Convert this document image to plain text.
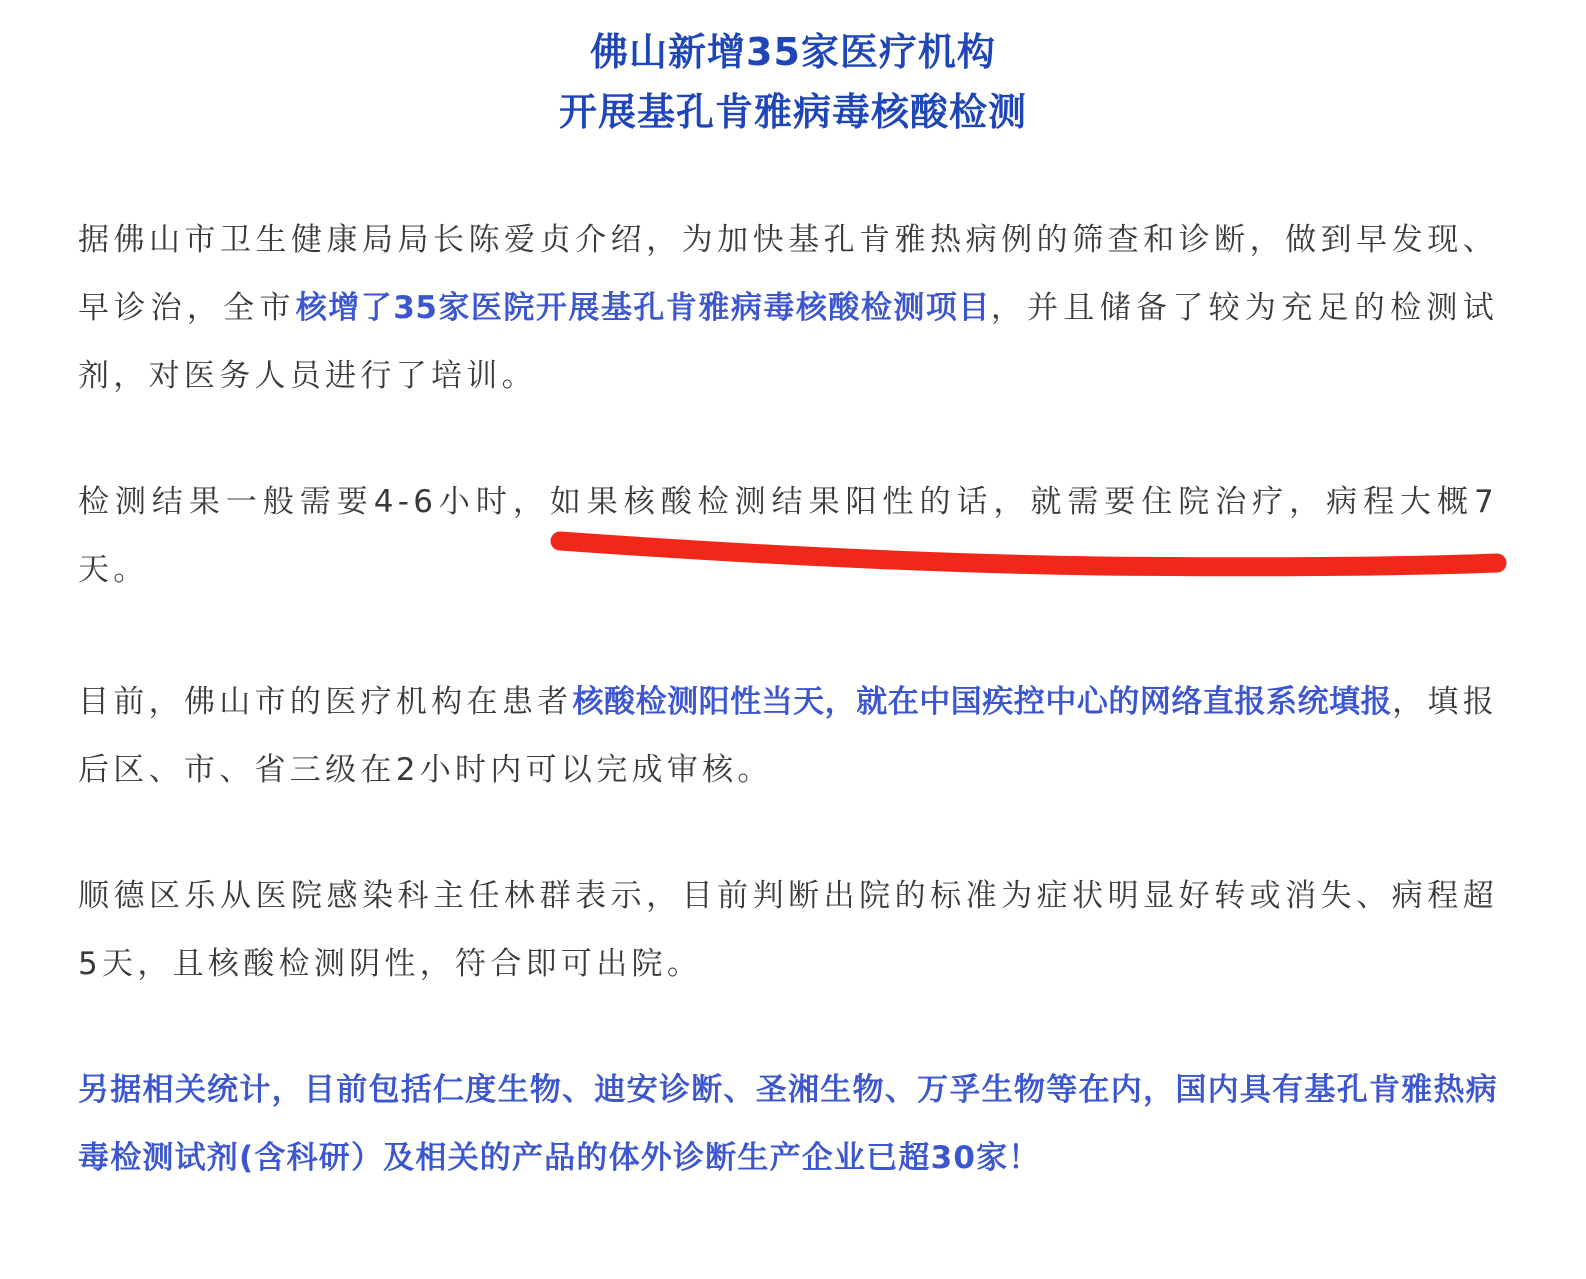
佛山新增35家医疗机构
开展基孔肯雅病毒核酸检测

据佛山市卫生健康局局长陈爱贞介绍，为加快基孔肯雅热病例的筛查和诊断，做到早发现、早诊治，全市核增了35家医院开展基孔肯雅病毒核酸检测项目，并且储备了较为充足的检测试剂，对医务人员进行了培训。

检测结果一般需要4-6小时，如果核酸检测结果阳性的话，就需要住院治疗，病程大概7天。

目前，佛山市的医疗机构在患者核酸检测阳性当天，就在中国疾控中心的网络直报系统填报，填报后区、市、省三级在2小时内可以完成审核。

顺德区乐从医院感染科主任林群表示，目前判断出院的标准为症状明显好转或消失、病程超5天，且核酸检测阴性，符合即可出院。

另据相关统计，目前包括仁度生物、迪安诊断、圣湘生物、万孚生物等在内，国内具有基孔肯雅热病毒检测试剂(含科研）及相关的产品的体外诊断生产企业已超30家！
